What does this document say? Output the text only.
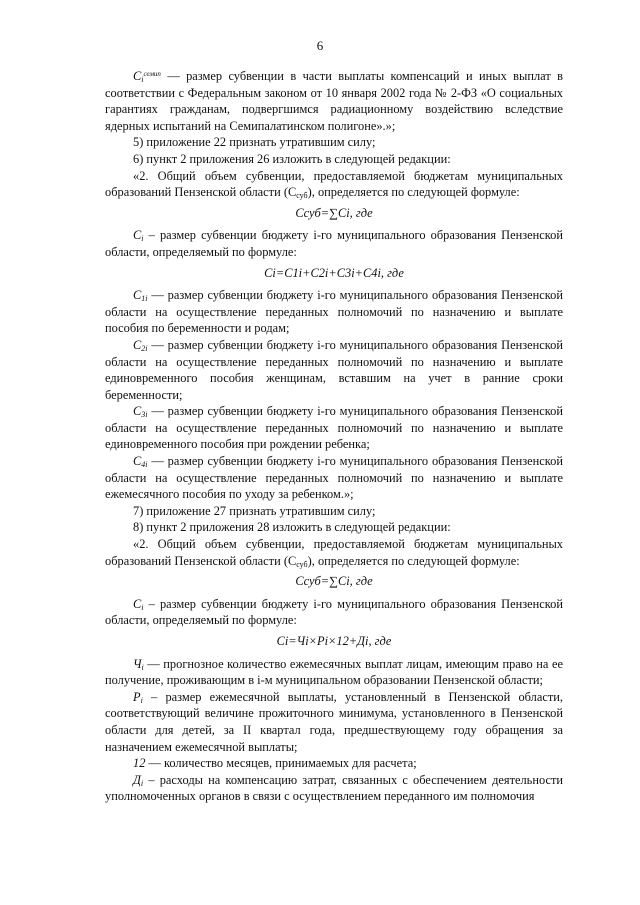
6

$C_i^{семип}$ — размер субвенции в части выплаты компенсаций и иных выплат в соответствии с Федеральным законом от 10 января 2002 года № 2-ФЗ «О социальных гарантиях гражданам, подвергшимся радиационному воздействию вследствие ядерных испытаний на Семипалатинском полигоне».»;

5) приложение 22 признать утратившим силу;

6) пункт 2 приложения 26 изложить в следующей редакции:

«2. Общий объем субвенции, предоставляемой бюджетам муниципальных образований Пензенской области $(С_{суб})$, определяется по следующей формуле:

Cсуб=∑Ci, где

$C_i$ – размер субвенции бюджету i-го муниципального образования Пензенской области, определяемый по формуле:

Ci=C1i+C2i+C3i+C4i, где

$C_{1i}$ — размер субвенции бюджету i-го муниципального образования Пензенской области на осуществление переданных полномочий по назначению и выплате пособия по беременности и родам;

$C_{2i}$ — размер субвенции бюджету i-го муниципального образования Пензенской области на осуществление переданных полномочий по назначению и выплате единовременного пособия женщинам, вставшим на учет в ранние сроки беременности;

$C_{3i}$ — размер субвенции бюджету i-го муниципального образования Пензенской области на осуществление переданных полномочий по назначению и выплате единовременного пособия при рождении ребенка;

$C_{4i}$ — размер субвенции бюджету i-го муниципального образования Пензенской области на осуществление переданных полномочий по назначению и выплате ежемесячного пособия по уходу за ребенком.»;

7) приложение 27 признать утратившим силу;

8) пункт 2 приложения 28 изложить в следующей редакции:

«2. Общий объем субвенции, предоставляемой бюджетам муниципальных образований Пензенской области $(С_{суб})$, определяется по следующей формуле:

Cсуб=∑Ci, где

$C_i$ – размер субвенции бюджету i-го муниципального образования Пензенской области, определяемый по формуле:

Ci=Чi×Pi×12+Дi, где

$Ч_i$ — прогнозное количество ежемесячных выплат лицам, имеющим право на ее получение, проживающим в i-м муниципальном образовании Пензенской области;

$Р_i$ – размер ежемесячной выплаты, установленный в Пензенской области, соответствующий величине прожиточного минимума, установленного в Пензенской области для детей, за II квартал года, предшествующему году обращения за назначением ежемесячной выплаты;

12 — количество месяцев, принимаемых для расчета;

$Д_i$ – расходы на компенсацию затрат, связанных с обеспечением деятельности уполномоченных органов в связи с осуществлением переданного им полномочия
